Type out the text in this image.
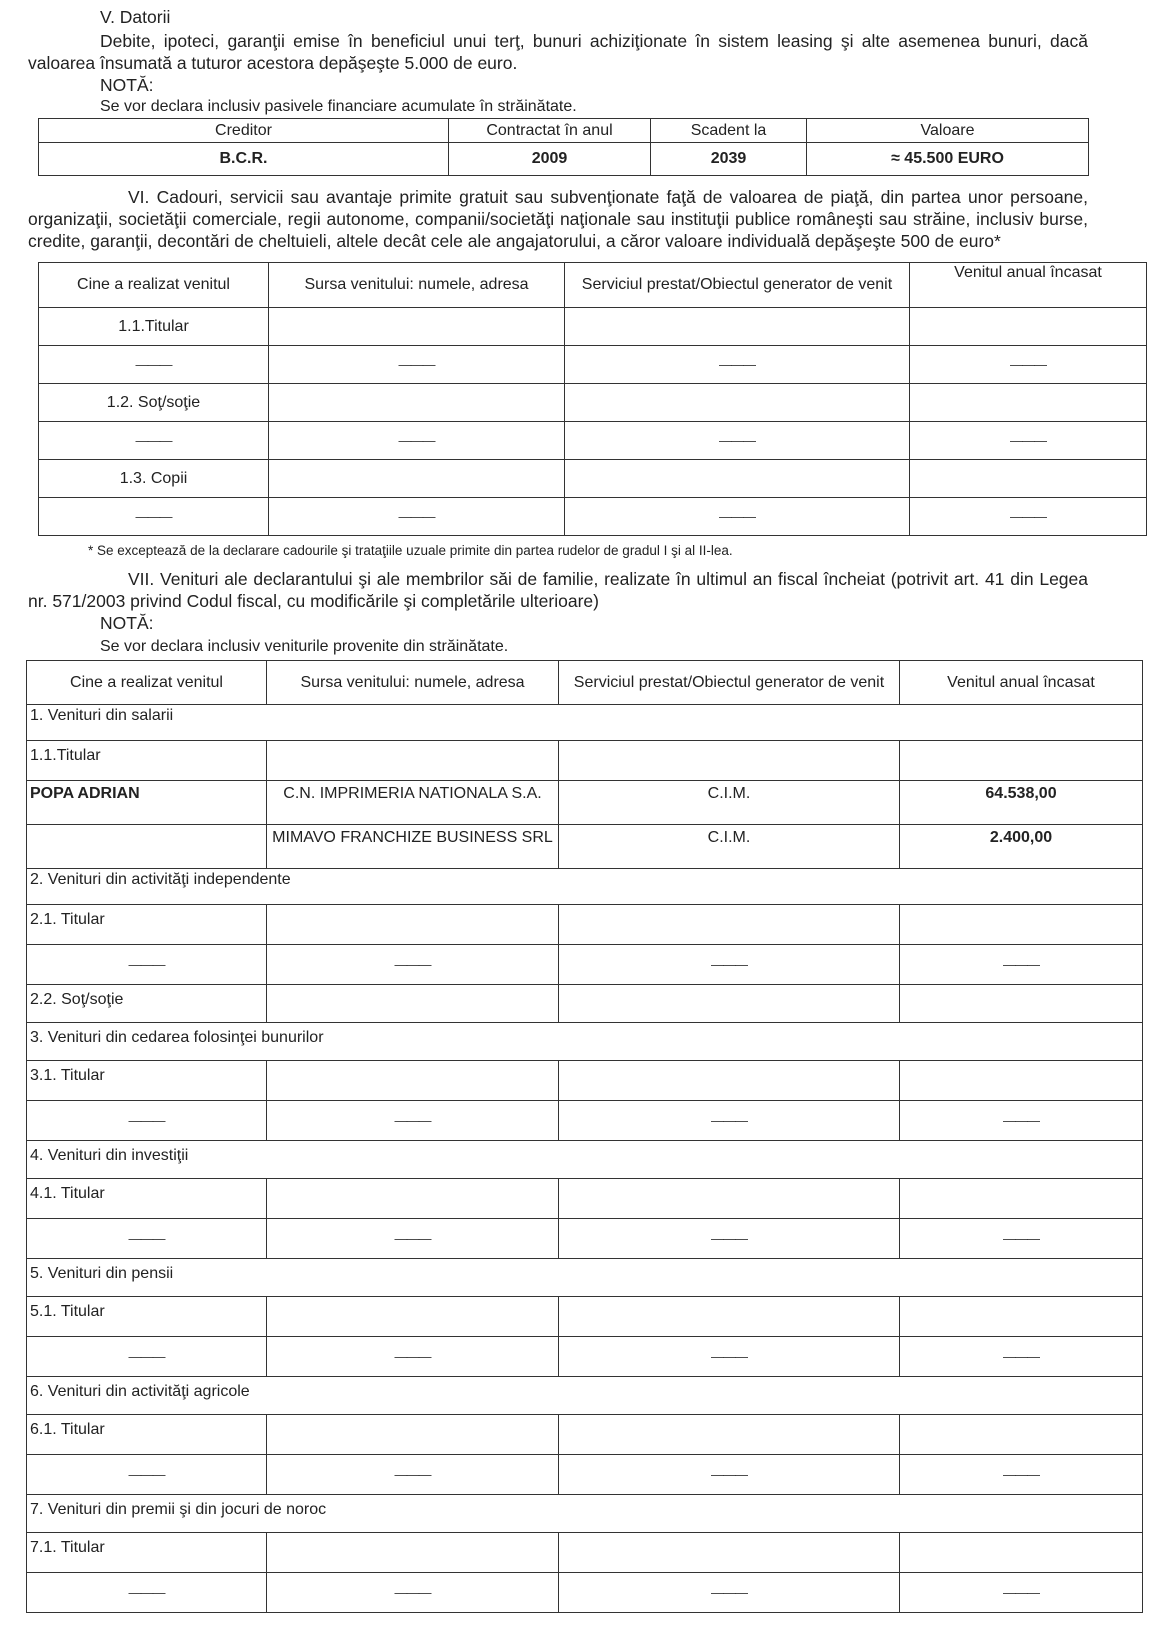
V. Datorii
Debite, ipoteci, garanţii emise în beneficiul unui terţ, bunuri achiziţionate în sistem leasing şi alte asemenea bunuri, dacă valoarea însumată a tuturor acestora depăşeşte 5.000 de euro.
NOTĂ:
Se vor declara inclusiv pasivele financiare acumulate în străinătate.
Creditor	Contractat în anul	Scadent la	Valoare
B.C.R.	2009	2039	≈ 45.500 EURO
VI. Cadouri, servicii sau avantaje primite gratuit sau subvenţionate faţă de valoarea de piaţă, din partea unor persoane, organizaţii, societăţii comerciale, regii autonome, companii/societăţi naţionale sau instituţii publice româneşti sau străine, inclusiv burse, credite, garanţii, decontări de cheltuieli, altele decât cele ale angajatorului, a căror valoare individuală depăşeşte 500 de euro*
Cine a realizat venitul	Sursa venitului: numele, adresa	Serviciul prestat/Obiectul generator de venit	Venitul anual încasat
1.1.Titular			
———	———	———	———
1.2. Soţ/soţie			
———	———	———	———
1.3. Copii			
———	———	———	———
* Se exceptează de la declarare cadourile şi trataţiile uzuale primite din partea rudelor de gradul I şi al II-lea.
VII. Venituri ale declarantului şi ale membrilor săi de familie, realizate în ultimul an fiscal încheiat (potrivit art. 41 din Legea nr. 571/2003 privind Codul fiscal, cu modificările şi completările ulterioare)
NOTĂ:
Se vor declara inclusiv veniturile provenite din străinătate.
Cine a realizat venitul	Sursa venitului: numele, adresa	Serviciul prestat/Obiectul generator de venit	Venitul anual încasat
1. Venituri din salarii			
1.1.Titular			
POPA ADRIAN	C.N. IMPRIMERIA NATIONALA S.A.	C.I.M.	64.538,00
	MIMAVO FRANCHIZE BUSINESS SRL	C.I.M.	2.400,00
2. Venituri din activităţi independente			
2.1. Titular			
———	———	———	———
2.2. Soţ/soţie			
3. Venituri din cedarea folosinţei bunurilor			
3.1. Titular			
———	———	———	———
4. Venituri din investiţii			
4.1. Titular			
———	———	———	———
5. Venituri din pensii			
5.1. Titular			
———	———	———	———
6. Venituri din activităţi agricole			
6.1. Titular			
———	———	———	———
7. Venituri din premii şi din jocuri de noroc			
7.1. Titular			
———	———	———	———
